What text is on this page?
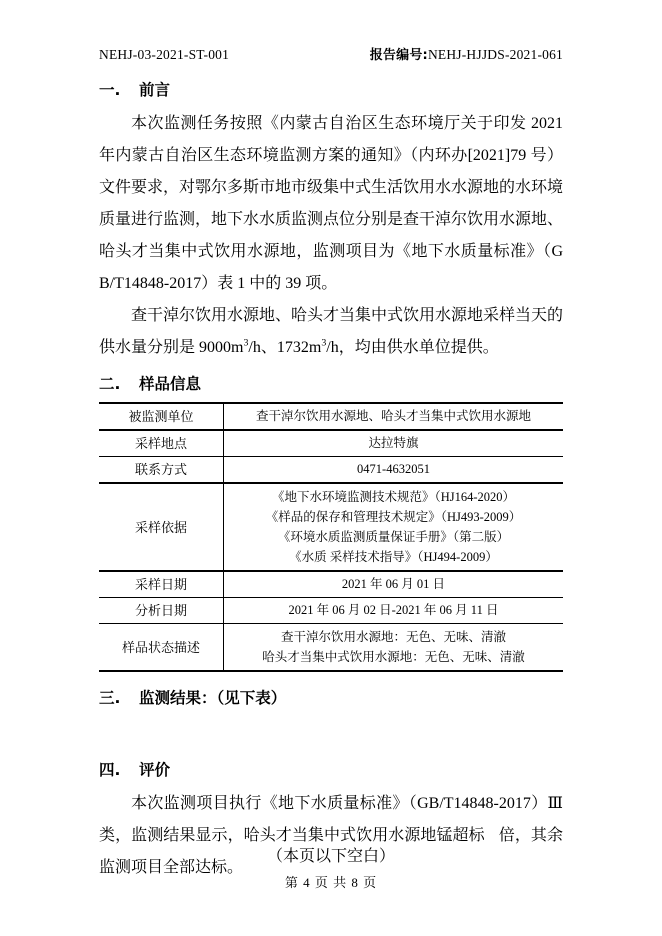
NEHJ-03-2021-ST-001	报告编号:NEHJ-HJJDS-2021-061
一.	前言

本次监测任务按照《内蒙古自治区生态环境厅关于印发 2021 年内蒙古自治区生态环境监测方案的通知》（内环办[2021]79 号）文件要求，对鄂尔多斯市地市级集中式生活饮用水水源地的水环境质量进行监测，地下水水质监测点位分别是查干淖尔饮用水源地、哈头才当集中式饮用水源地，监测项目为《地下水质量标准》（GB/T14848-2017）表 1 中的 39 项。

查干淖尔饮用水源地、哈头才当集中式饮用水源地采样当天的供水量分别是 $9000m^3/h$、$1732m^3/h$，均由供水单位提供。

二.	样品信息
被监测单位	查干淖尔饮用水源地、哈头才当集中式饮用水源地

采样地点	达拉特旗

联系方式	0471-4632051

采样依据	《地下水环境监测技术规范》（HJ164-2020）
《样品的保存和管理技术规定》（HJ493-2009）
《环境水质监测质量保证手册》（第二版）
《水质 采样技术指导》（HJ494-2009）

采样日期	2021 年 06 月 01 日

分析日期	2021 年 06 月 02 日-2021 年 06 月 11 日

样品状态描述	查干淖尔饮用水源地：无色、无味、清澈
哈头才当集中式饮用水源地：无色、无味、清澈
三.	监测结果：（见下表）
四.	评价

本次监测项目执行《地下水质量标准》（GB/T14848-2017）Ⅲ类，监测结果显示，哈头才当集中式饮用水源地锰超标 倍，其余监测项目全部达标。

（本页以下空白）
第 4 页 共 8 页
